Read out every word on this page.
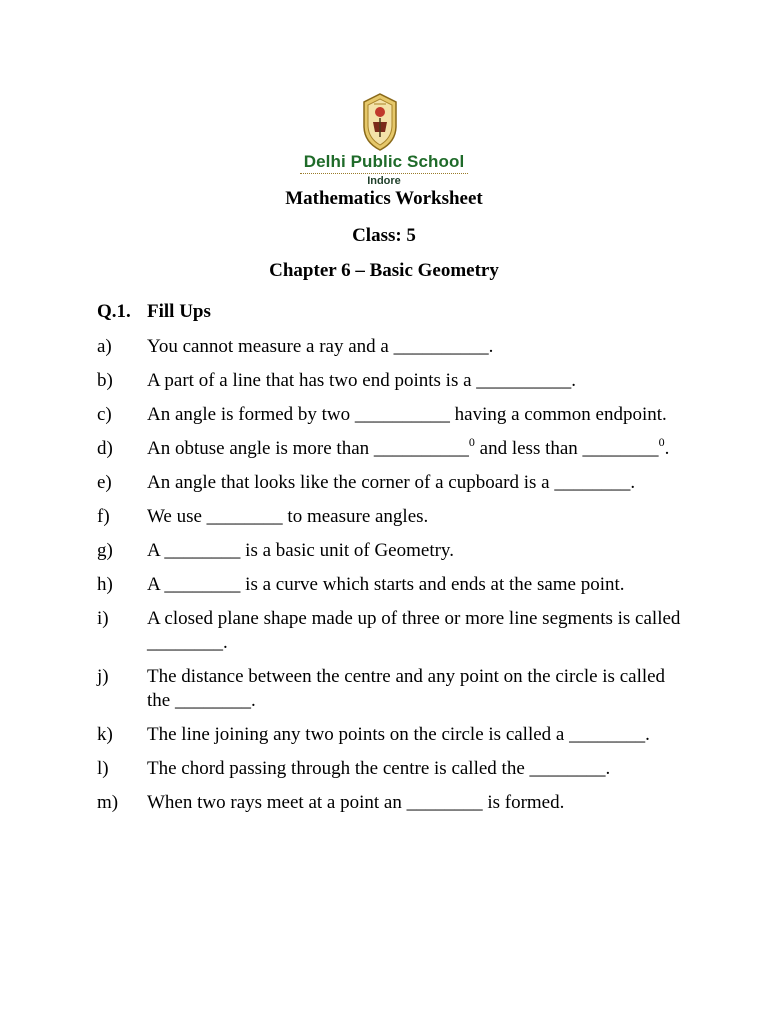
Delhi Public School
Indore
Mathematics Worksheet
Class: 5
Chapter 6 – Basic Geometry
Q.1. Fill Ups
a)	You cannot measure a ray and a __________.
b)	A part of a line that has two end points is a __________.
c)	An angle is formed by two __________ having a common endpoint.
d)	An obtuse angle is more than __________$^0$ and less than ________$^0$.
e)	An angle that looks like the corner of a cupboard is a ________.
f)	We use ________ to measure angles.
g)	A ________ is a basic unit of Geometry.
h)	A ________ is a curve which starts and ends at the same point.
i)	A closed plane shape made up of three or more line segments is called ________.
j)	The distance between the centre and any point on the circle is called the ________.
k)	The line joining any two points on the circle is called a ________.
l)	The chord passing through the centre is called the ________.
m)	When two rays meet at a point an ________ is formed.
